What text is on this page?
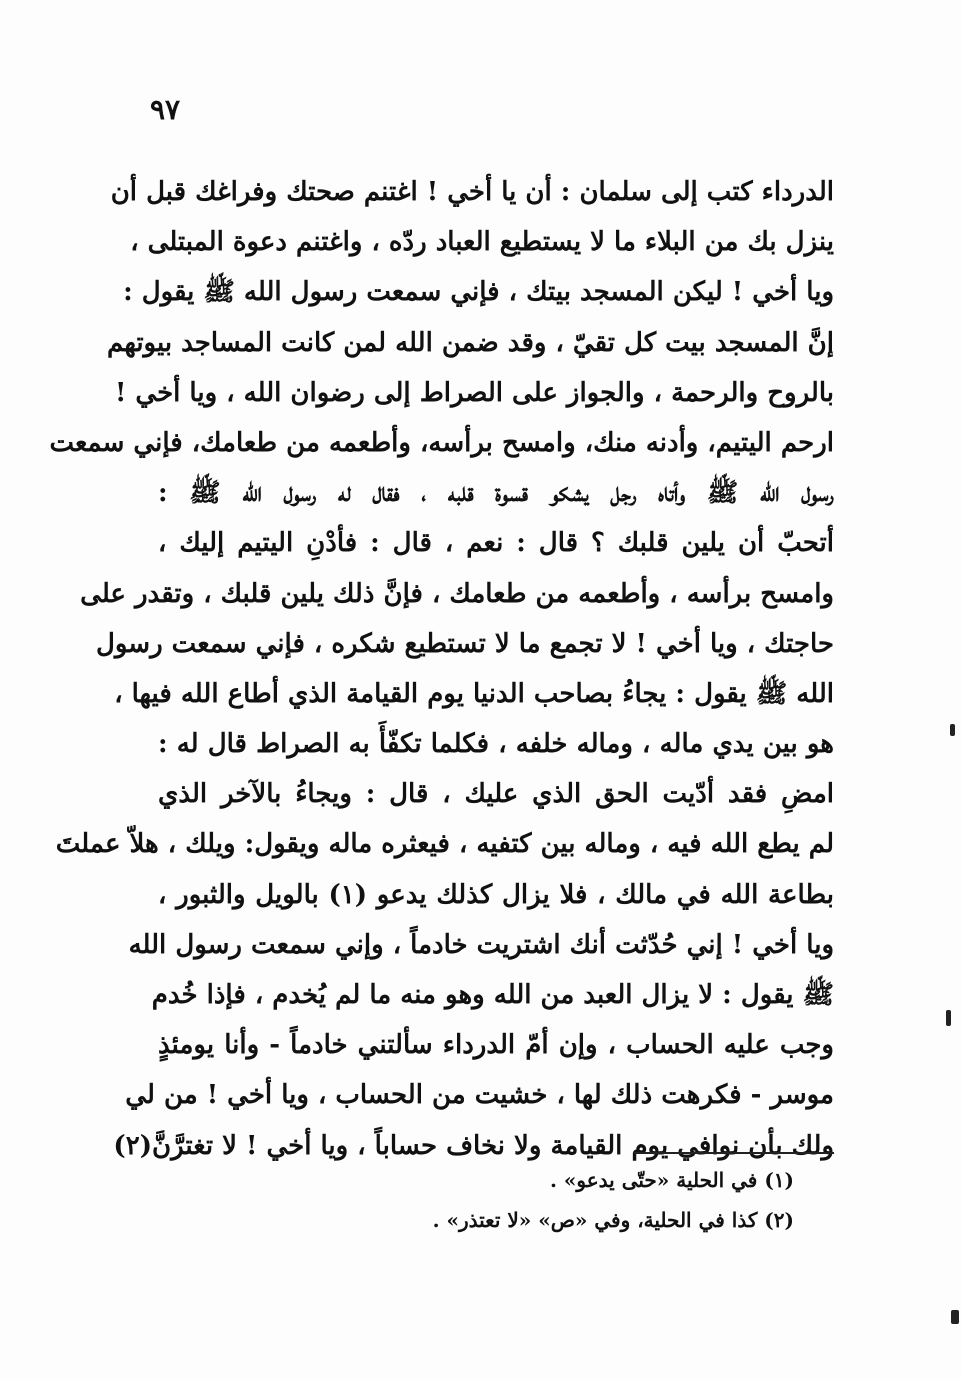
٩٧
الدرداء كتب إلى سلمان : أن يا أخي ! اغتنم صحتك وفراغك قبل أن
ينزل بك من البلاء ما لا يستطيع العباد ردّه ، واغتنم دعوة المبتلى ،
ويا أخي ! ليكن المسجد بيتك ، فإني سمعت رسول الله ﷺ يقول :
إنَّ المسجد بيت كل تقيّ ، وقد ضمن الله لمن كانت المساجد بيوتهم
بالروح والرحمة ، والجواز على الصراط إلى رضوان الله ، ويا أخي !
ارحم اليتيم، وأدنه منك، وامسح برأسه، وأطعمه من طعامك، فإني سمعت
رسول الله ﷺ وأتاه رجل يشكو قسوة قلبه ، فقال له رسول الله ﷺ :
أتحبّ أن يلين قلبك ؟ قال : نعم ، قال : فأدْنِ اليتيم إليك ،
وامسح برأسه ، وأطعمه من طعامك ، فإنَّ ذلك يلين قلبك ، وتقدر على
حاجتك ، ويا أخي ! لا تجمع ما لا تستطيع شكره ، فإني سمعت رسول
الله ﷺ يقول : يجاءُ بصاحب الدنيا يوم القيامة الذي أطاع الله فيها ،
هو بين يدي ماله ، وماله خلفه ، فكلما تكفّأَ به الصراط قال له :
امضِ فقد أدّيت الحق الذي عليك ، قال : ويجاءُ بالآخر الذي
لم يطع الله فيه ، وماله بين كتفيه ، فيعثره ماله ويقول: ويلك ، هلاّ عملتَ
بطاعة الله في مالك ، فلا يزال كذلك يدعو (١) بالويل والثبور ،
ويا أخي ! إني حُدّثت أنك اشتريت خادماً ، وإني سمعت رسول الله
ﷺ يقول : لا يزال العبد من الله وهو منه ما لم يُخدم ، فإذا خُدم
وجب عليه الحساب ، وإن أمّ الدرداء سألتني خادماً - وأنا يومئذٍ
موسر - فكرهت ذلك لها ، خشيت من الحساب ، ويا أخي ! من لي
ولك بأن نوافي يوم القيامة ولا نخاف حساباً ، ويا أخي ! لا تغترَّنَّ(٢)
(١) في الحلية «حتّى يدعو» .
(٢) كذا في الحلية، وفي «ص» «لا تعتذر» .
